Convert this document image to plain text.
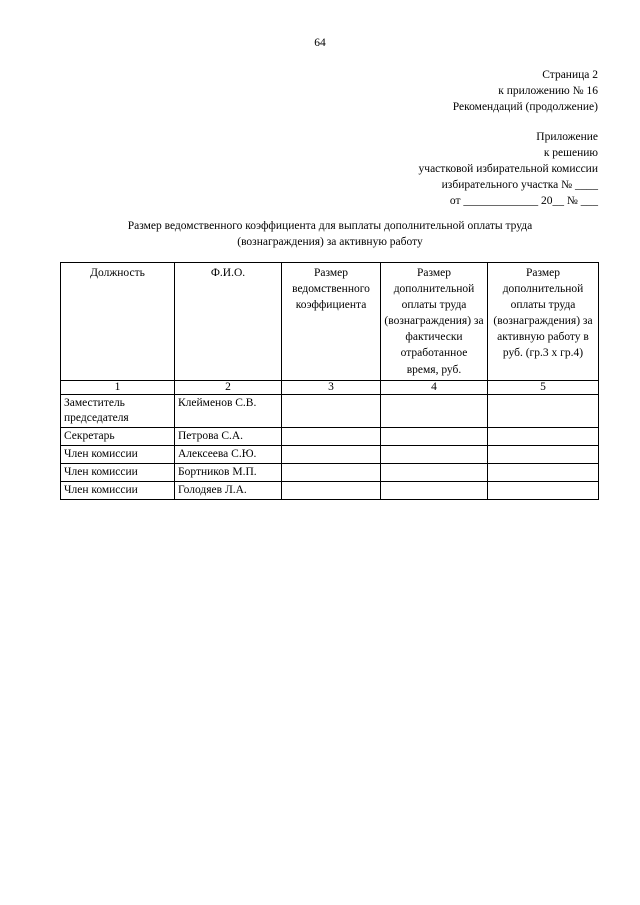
64
Страница 2
к приложению № 16
Рекомендаций (продолжение)
Приложение
к решению
участковой избирательной комиссии
избирательного участка № ____
от _____________ 20__ № ___
Размер ведомственного коэффициента для выплаты дополнительной оплаты труда
(вознаграждения) за активную работу
Должность	Ф.И.О.	Размер ведомственного коэффициента	Размер дополнительной оплаты труда (вознаграждения) за фактически отработанное время, руб.	Размер дополнительной оплаты труда (вознаграждения) за активную работу в руб. (гр.3 x гр.4)
1	2	3	4	5
Заместитель председателя	Клейменов С.В.			
Секретарь	Петрова С.А.			
Член комиссии	Алексеева С.Ю.			
Член комиссии	Бортников М.П.			
Член комиссии	Голодяев Л.А.			
